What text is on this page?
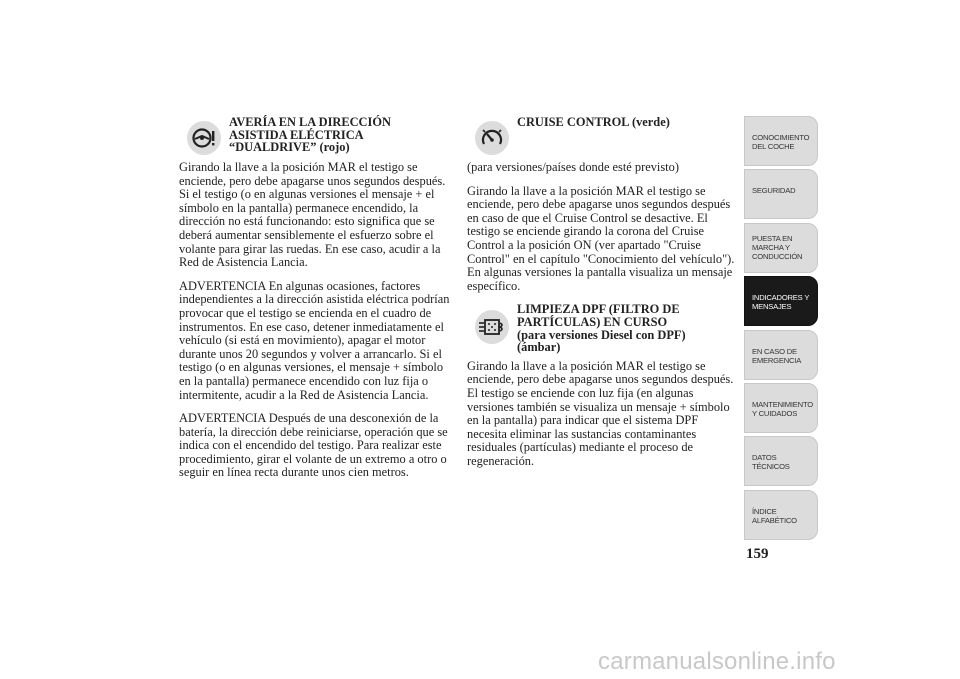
AVERÍA EN LA DIRECCIÓN
ASISTIDA ELÉCTRICA
“DUALDRIVE” (rojo)

Girando la llave a la posición MAR el testigo se enciende, pero debe apagarse unos segundos después. Si el testigo (o en algunas versiones el mensaje + el símbolo en la pantalla) permanece encendido, la dirección no está funcionando: esto significa que se deberá aumentar sensiblemente el esfuerzo sobre el volante para girar las ruedas. En ese caso, acudir a la Red de Asistencia Lancia.

ADVERTENCIA En algunas ocasiones, factores independientes a la dirección asistida eléctrica podrían provocar que el testigo se encienda en el cuadro de instrumentos. En ese caso, detener inmediatamente el vehículo (si está en movimiento), apagar el motor durante unos 20 segundos y volver a arrancarlo. Si el testigo (o en algunas versiones, el mensaje + símbolo en la pantalla) permanece encendido con luz fija o intermitente, acudir a la Red de Asistencia Lancia.

ADVERTENCIA Después de una desconexión de la batería, la dirección debe reiniciarse, operación que se indica con el encendido del testigo. Para realizar este procedimiento, girar el volante de un extremo a otro o seguir en línea recta durante unos cien metros.

CRUISE CONTROL (verde)

(para versiones/países donde esté previsto)

Girando la llave a la posición MAR el testigo se enciende, pero debe apagarse unos segundos después en caso de que el Cruise Control se desactive. El testigo se enciende girando la corona del Cruise Control a la posición ON (ver apartado "Cruise Control" en el capítulo "Conocimiento del vehículo"). En algunas versiones la pantalla visualiza un mensaje específico.

LIMPIEZA DPF (FILTRO DE
PARTÍCULAS) EN CURSO
(para versiones Diesel con DPF)
(ámbar)

Girando la llave a la posición MAR el testigo se enciende, pero debe apagarse unos segundos después. El testigo se enciende con luz fija (en algunas versiones también se visualiza un mensaje + símbolo en la pantalla) para indicar que el sistema DPF necesita eliminar las sustancias contaminantes residuales (partículas) mediante el proceso de regeneración.

CONOCIMIENTO DEL COCHE
SEGURIDAD
PUESTA EN MARCHA Y CONDUCCIÓN
INDICADORES Y MENSAJES
EN CASO DE EMERGENCIA
MANTENIMIENTO Y CUIDADOS
DATOS TÉCNICOS
ÍNDICE ALFABÉTICO
159
carmanualsonline.info
